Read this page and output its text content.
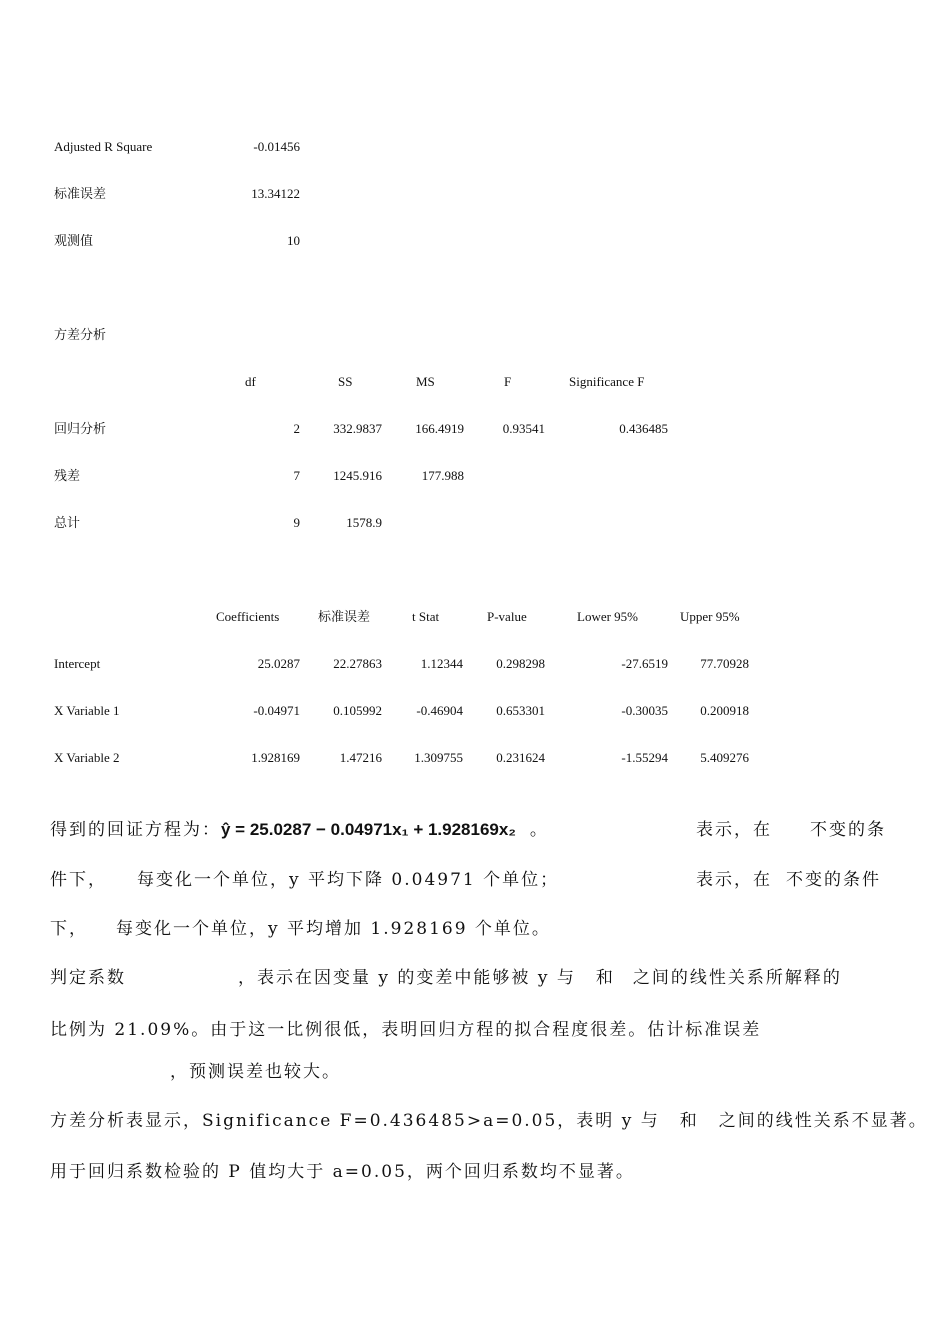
Adjusted R Square	-0.01456
标准误差	13.34122
观测值	10
方差分析
df	SS	MS	F	Significance F
回归分析	2	332.9837	166.4919	0.93541	0.436485
残差	7	1245.916	177.988
总计	9	1578.9
Coefficients	标准误差	t Stat	P-value	Lower 95%	Upper 95%
Intercept	25.0287	22.27863	1.12344	0.298298	-27.6519	77.70928
X Variable 1	-0.04971	0.105992	-0.46904	0.653301	-0.30035	0.200918
X Variable 2	1.928169	1.47216	1.309755	0.231624	-1.55294	5.409276
得到的回证方程为：ŷ = 25.0287 − 0.04971x₁ + 1.928169x₂ 。	表示，在 不变的条
件下， 每变化一个单位，y 平均下降 0.04971 个单位；	表示，在 不变的条件
下， 每变化一个单位，y 平均增加 1.928169 个单位。
判定系数	，表示在因变量 y 的变差中能够被 y 与 和 之间的线性关系所解释的
比例为 21.09%。由于这一比例很低，表明回归方程的拟合程度很差。估计标准误差
，预测误差也较大。
方差分析表显示，Significance F=0.436485>a=0.05，表明 y 与 和 之间的线性关系不显著。
用于回归系数检验的 P 值均大于 a=0.05，两个回归系数均不显著。
